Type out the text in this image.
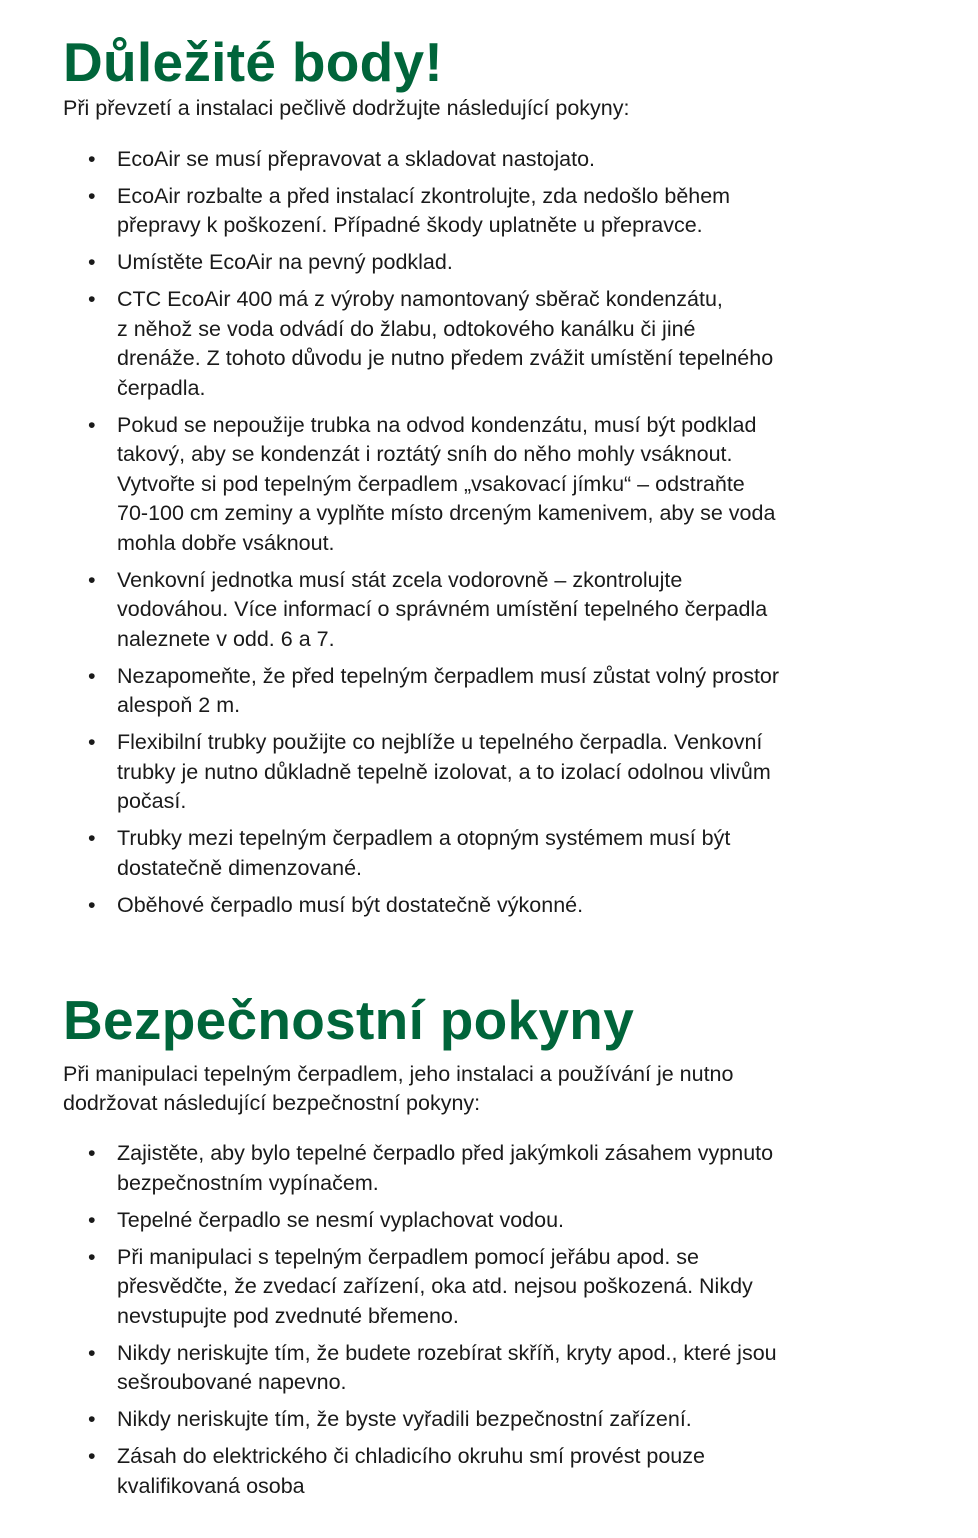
Důležité body!

Při převzetí a instalaci pečlivě dodržujte následující pokyny:

• EcoAir se musí přepravovat a skladovat nastojato.
• EcoAir rozbalte a před instalací zkontrolujte, zda nedošlo během
přepravy k poškození. Případné škody uplatněte u přepravce.
• Umístěte EcoAir na pevný podklad.
• CTC EcoAir 400 má z výroby namontovaný sběrač kondenzátu,
z něhož se voda odvádí do žlabu, odtokového kanálku či jiné
drenáže. Z tohoto důvodu je nutno předem zvážit umístění tepelného
čerpadla.
• Pokud se nepoužije trubka na odvod kondenzátu, musí být podklad
takový, aby se kondenzát i roztátý sníh do něho mohly vsáknout.
Vytvořte si pod tepelným čerpadlem „vsakovací jímku“ – odstraňte
70-100 cm zeminy a vyplňte místo drceným kamenivem, aby se voda
mohla dobře vsáknout.
• Venkovní jednotka musí stát zcela vodorovně – zkontrolujte
vodováhou. Více informací o správném umístění tepelného čerpadla
naleznete v odd. 6 a 7.
• Nezapomeňte, že před tepelným čerpadlem musí zůstat volný prostor
alespoň 2 m.
• Flexibilní trubky použijte co nejblíže u tepelného čerpadla. Venkovní
trubky je nutno důkladně tepelně izolovat, a to izolací odolnou vlivům
počasí.
• Trubky mezi tepelným čerpadlem a otopným systémem musí být
dostatečně dimenzované.
• Oběhové čerpadlo musí být dostatečně výkonné.
Bezpečnostní pokyny

Při manipulaci tepelným čerpadlem, jeho instalaci a používání je nutno
dodržovat následující bezpečnostní pokyny:

• Zajistěte, aby bylo tepelné čerpadlo před jakýmkoli zásahem vypnuto
bezpečnostním vypínačem.
• Tepelné čerpadlo se nesmí vyplachovat vodou.
• Při manipulaci s tepelným čerpadlem pomocí jeřábu apod. se
přesvědčte, že zvedací zařízení, oka atd. nejsou poškozená. Nikdy
nevstupujte pod zvednuté břemeno.
• Nikdy neriskujte tím, že budete rozebírat skříň, kryty apod., které jsou
sešroubované napevno.
• Nikdy neriskujte tím, že byste vyřadili bezpečnostní zařízení.
• Zásah do elektrického či chladicího okruhu smí provést pouze
kvalifikovaná osoba
